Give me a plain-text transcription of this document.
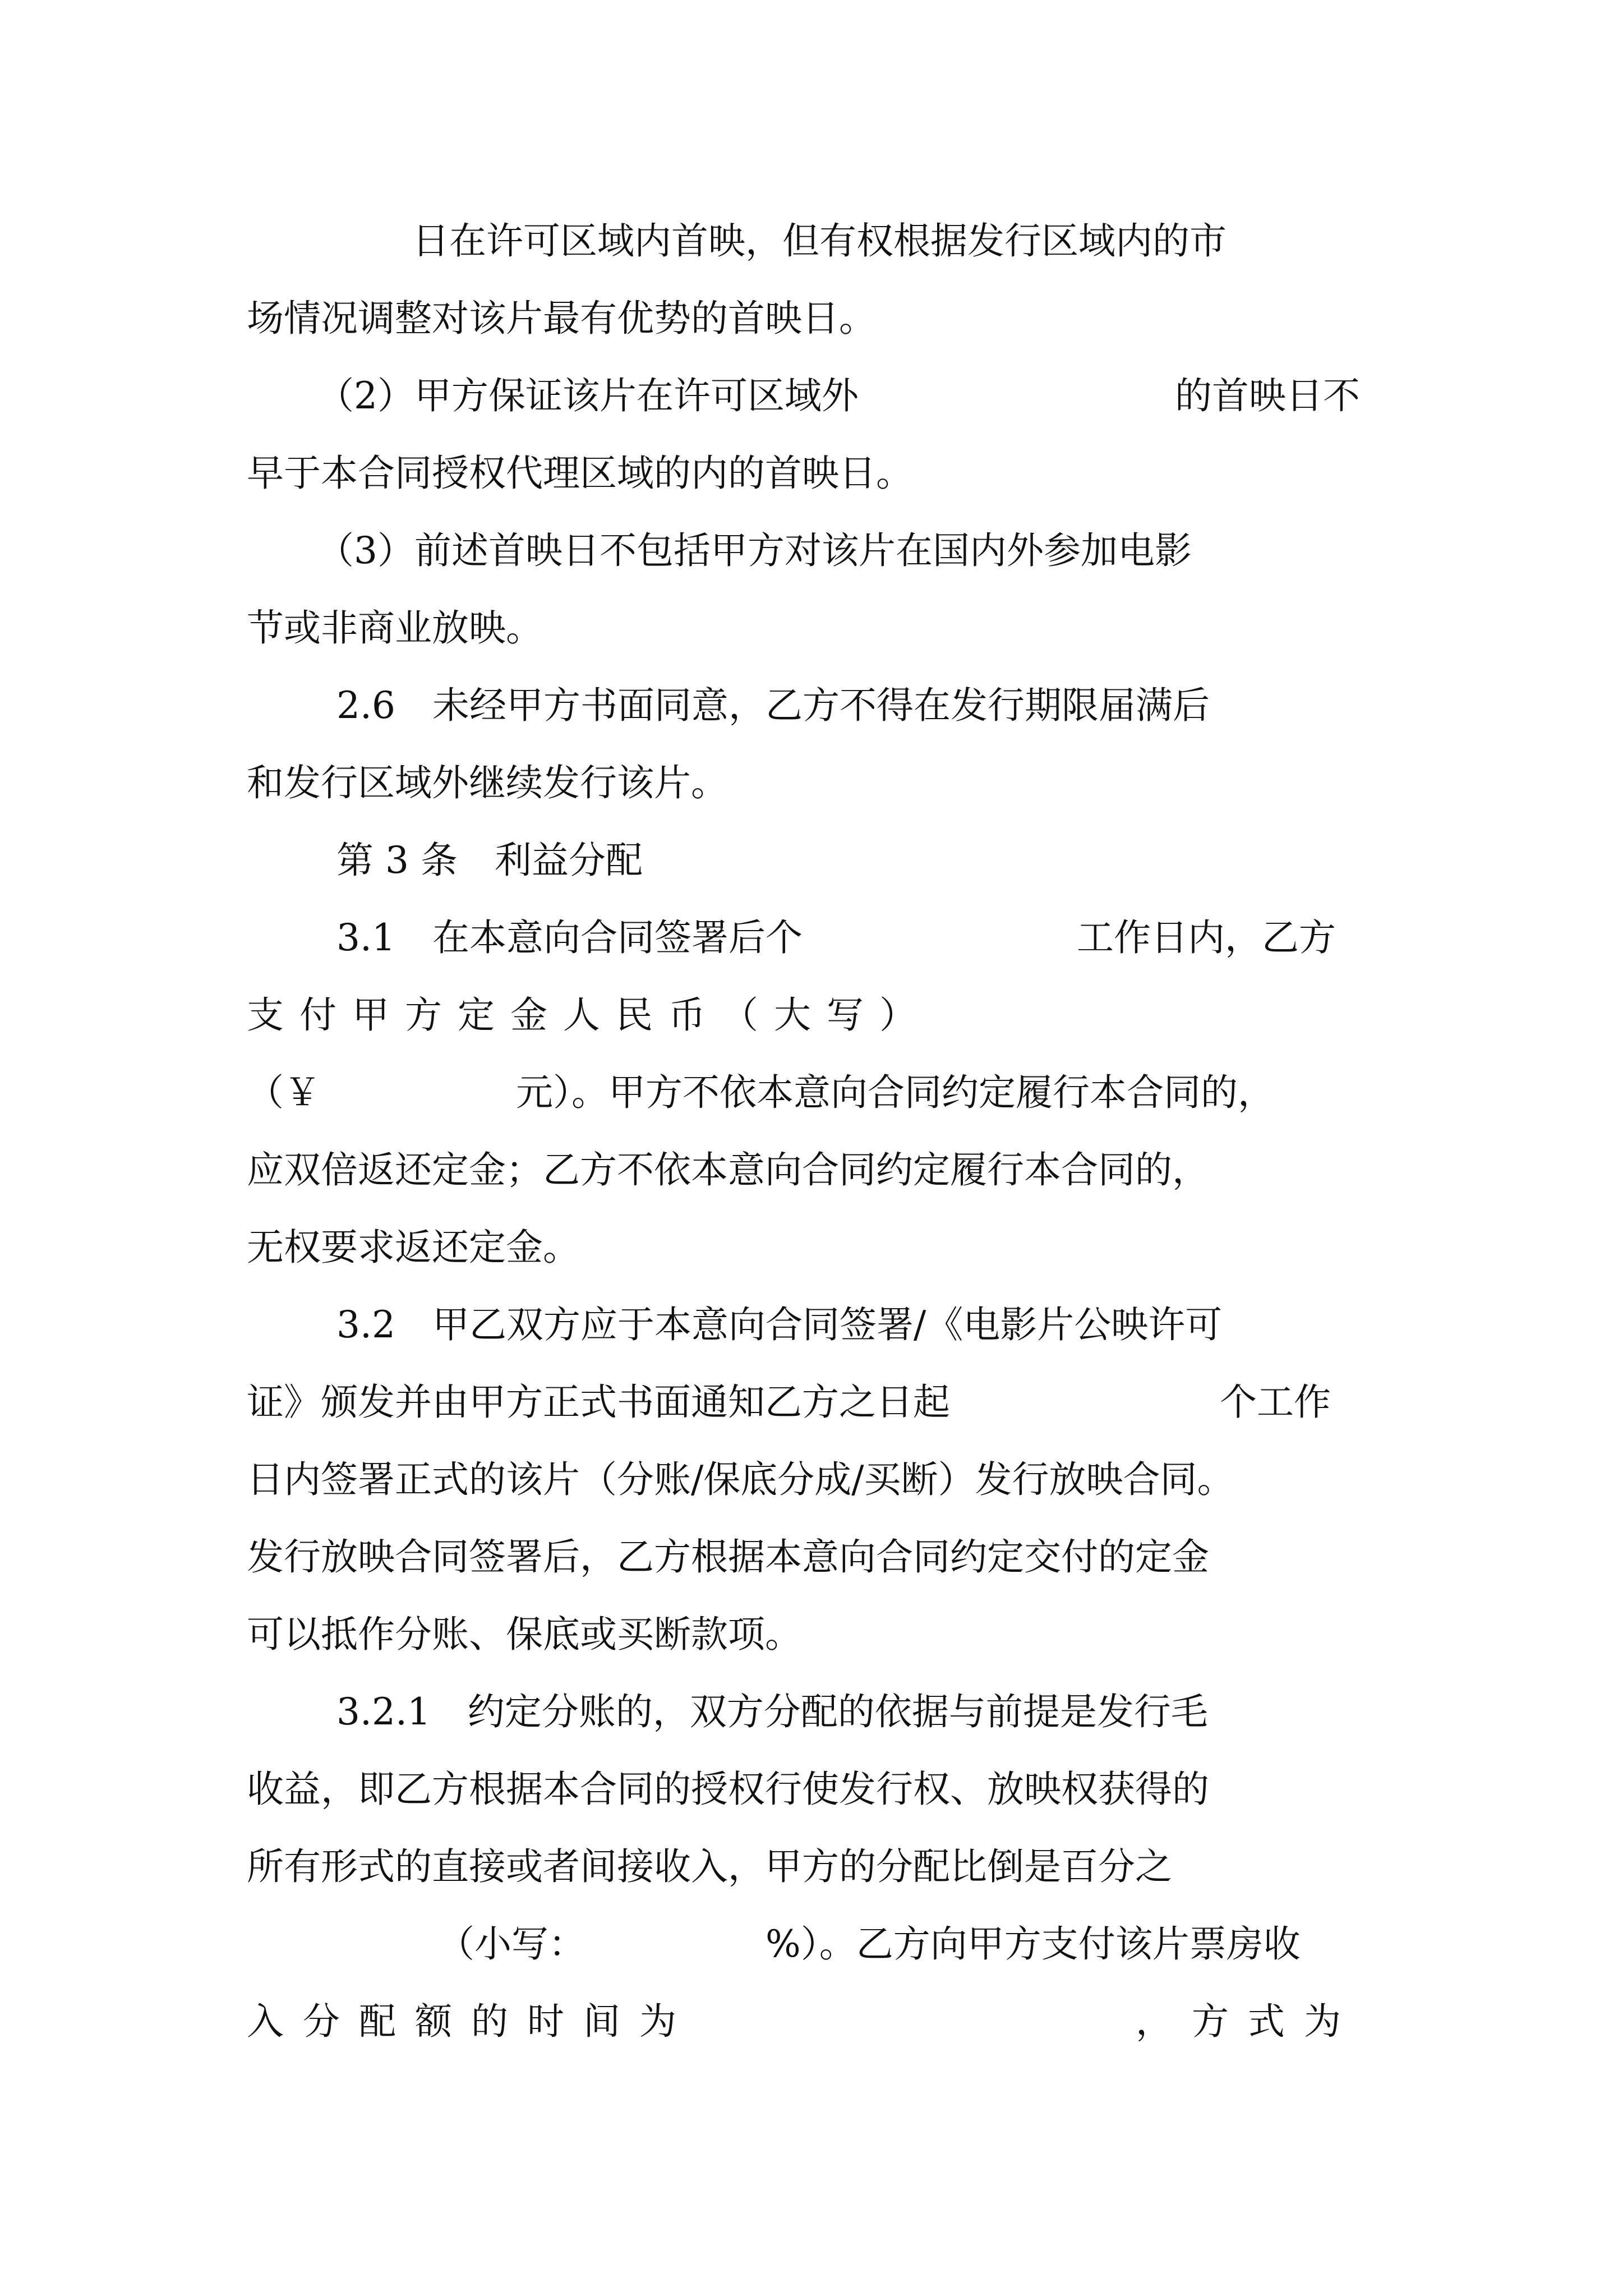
日在许可区域内首映，但有权根据发行区域内的市

场情况调整对该片最有优势的首映日。

（2）甲方保证该片在许可区域外

	的首映日不

早于本合同授权代理区域的内的首映日。

（3）前述首映日不包括甲方对该片在国内外参加电影

节或非商业放映。

2.6　未经甲方书面同意，乙方不得在发行期限届满后

和发行区域外继续发行该片。

第 3 条　利益分配

3.1　在本意向合同签署后个

	工作日内，乙方

支付甲方定金人民币（大写）

（￥

	元）。甲方不依本意向合同约定履行本合同的，

应双倍返还定金；乙方不依本意向合同约定履行本合同的，

无权要求返还定金。

3.2　甲乙双方应于本意向合同签署/《电影片公映许可

证》颁发并由甲方正式书面通知乙方之日起

	个工作

日内签署正式的该片（分账/保底分成/买断）发行放映合同。

发行放映合同签署后，乙方根据本意向合同约定交付的定金

可以抵作分账、保底或买断款项。

3.2.1　约定分账的，双方分配的依据与前提是发行毛

收益，即乙方根据本合同的授权行使发行权、放映权获得的

所有形式的直接或者间接收入，甲方的分配比倒是百分之

（小写：

	%）。乙方向甲方支付该片票房收

入分配额的时间为

	，方式为
